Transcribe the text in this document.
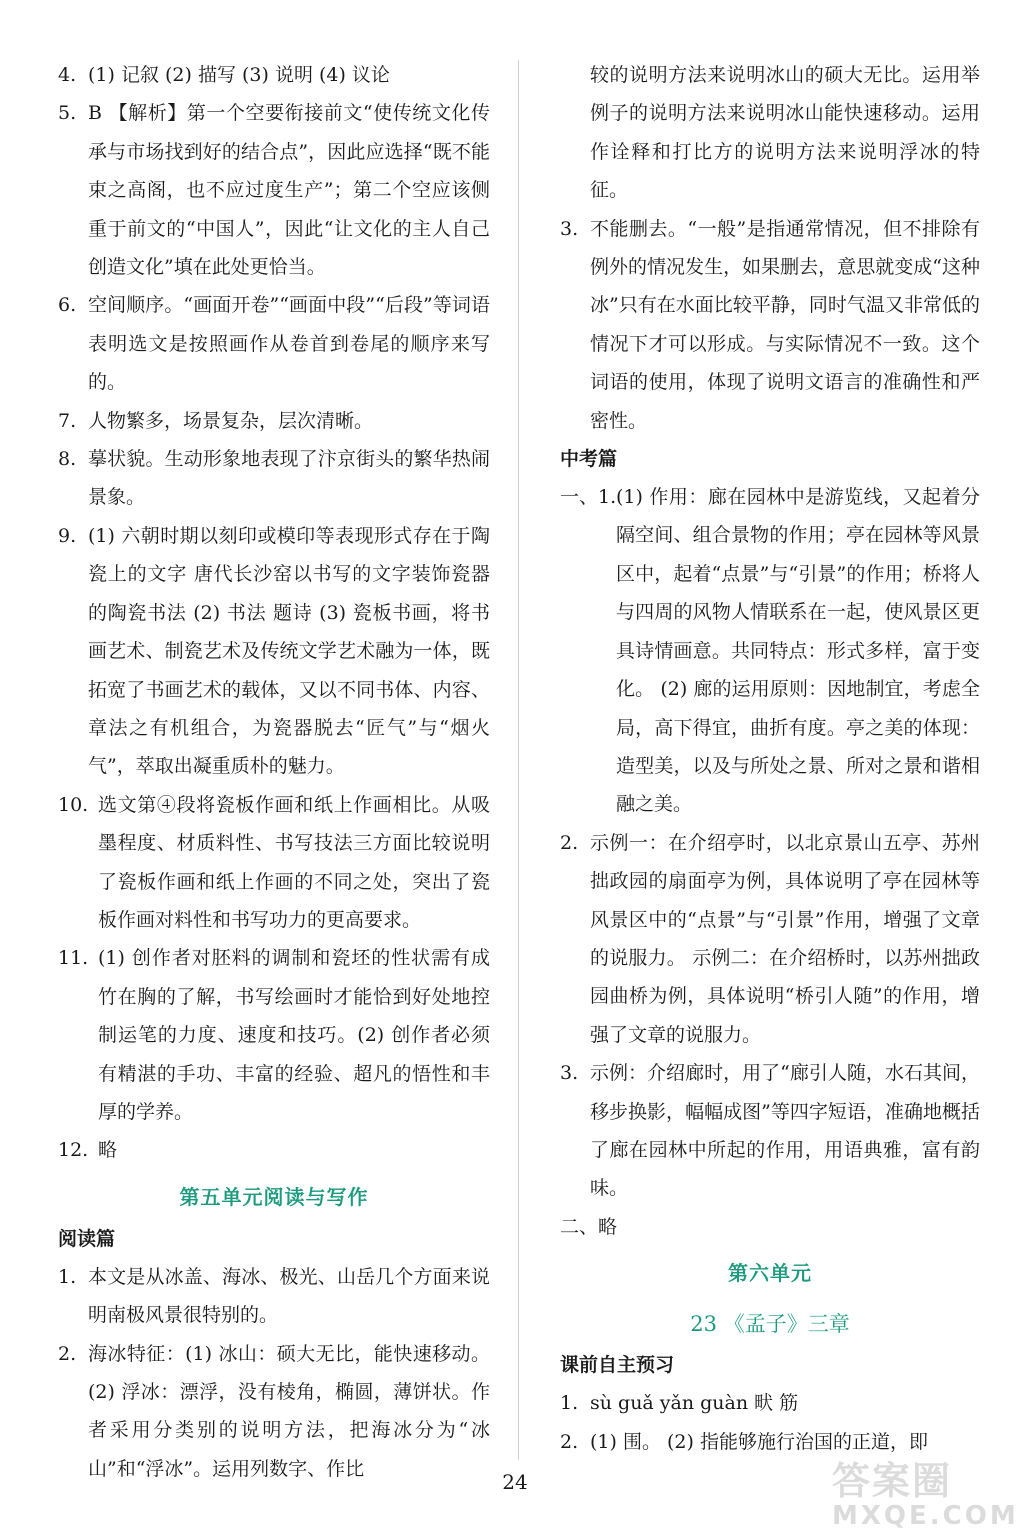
4. (1) 记叙 (2) 描写 (3) 说明 (4) 议论
5. B 【解析】第一个空要衔接前文“使传统文化传承与市场找到好的结合点”，因此应选择“既不能束之高阁，也不应过度生产”；第二个空应该侧重于前文的“中国人”，因此“让文化的主人自己创造文化”填在此处更恰当。
6. 空间顺序。“画面开卷”“画面中段”“后段”等词语表明选文是按照画作从卷首到卷尾的顺序来写的。
7. 人物繁多，场景复杂，层次清晰。
8. 摹状貌。生动形象地表现了汴京街头的繁华热闹景象。
9. (1) 六朝时期以刻印或模印等表现形式存在于陶瓷上的文字 唐代长沙窑以书写的文字装饰瓷器的陶瓷书法 (2) 书法 题诗 (3) 瓷板书画，将书画艺术、制瓷艺术及传统文学艺术融为一体，既拓宽了书画艺术的载体，又以不同书体、内容、章法之有机组合，为瓷器脱去“匠气”与“烟火气”，萃取出凝重质朴的魅力。
10. 选文第④段将瓷板作画和纸上作画相比。从吸墨程度、材质料性、书写技法三方面比较说明了瓷板作画和纸上作画的不同之处，突出了瓷板作画对料性和书写功力的更高要求。
11. (1) 创作者对胚料的调制和瓷坯的性状需有成竹在胸的了解，书写绘画时才能恰到好处地控制运笔的力度、速度和技巧。(2) 创作者必须有精湛的手功、丰富的经验、超凡的悟性和丰厚的学养。
12. 略
第五单元阅读与写作
阅读篇
1. 本文是从冰盖、海冰、极光、山岳几个方面来说明南极风景很特别的。
2. 海冰特征：(1) 冰山：硕大无比，能快速移动。(2) 浮冰：漂浮，没有棱角，椭圆，薄饼状。作者采用分类别的说明方法，把海冰分为“冰山”和“浮冰”。运用列数字、作比
较的说明方法来说明冰山的硕大无比。运用举例子的说明方法来说明冰山能快速移动。运用作诠释和打比方的说明方法来说明浮冰的特征。
3. 不能删去。“一般”是指通常情况，但不排除有例外的情况发生，如果删去，意思就变成“这种冰”只有在水面比较平静，同时气温又非常低的情况下才可以形成。与实际情况不一致。这个词语的使用，体现了说明文语言的准确性和严密性。
中考篇
一、1. (1) 作用：廊在园林中是游览线，又起着分隔空间、组合景物的作用；亭在园林等风景区中，起着“点景”与“引景”的作用；桥将人与四周的风物人情联系在一起，使风景区更具诗情画意。共同特点：形式多样，富于变化。 (2) 廊的运用原则：因地制宜，考虑全局，高下得宜，曲折有度。亭之美的体现：造型美，以及与所处之景、所对之景和谐相融之美。
2. 示例一：在介绍亭时，以北京景山五亭、苏州拙政园的扇面亭为例，具体说明了亭在园林等风景区中的“点景”与“引景”作用，增强了文章的说服力。 示例二：在介绍桥时，以苏州拙政园曲桥为例，具体说明“桥引人随”的作用，增强了文章的说服力。
3. 示例：介绍廊时，用了“廊引人随，水石其间，移步换影，幅幅成图”等四字短语，准确地概括了廊在园林中所起的作用，用语典雅，富有韵味。
二、略
第六单元
23 《孟子》三章
课前自主预习
1. sù guǎ yǎn guàn 畎 筋
2. (1) 围。 (2) 指能够施行治国的正道，即
24	答案圈
MXQE.COM
